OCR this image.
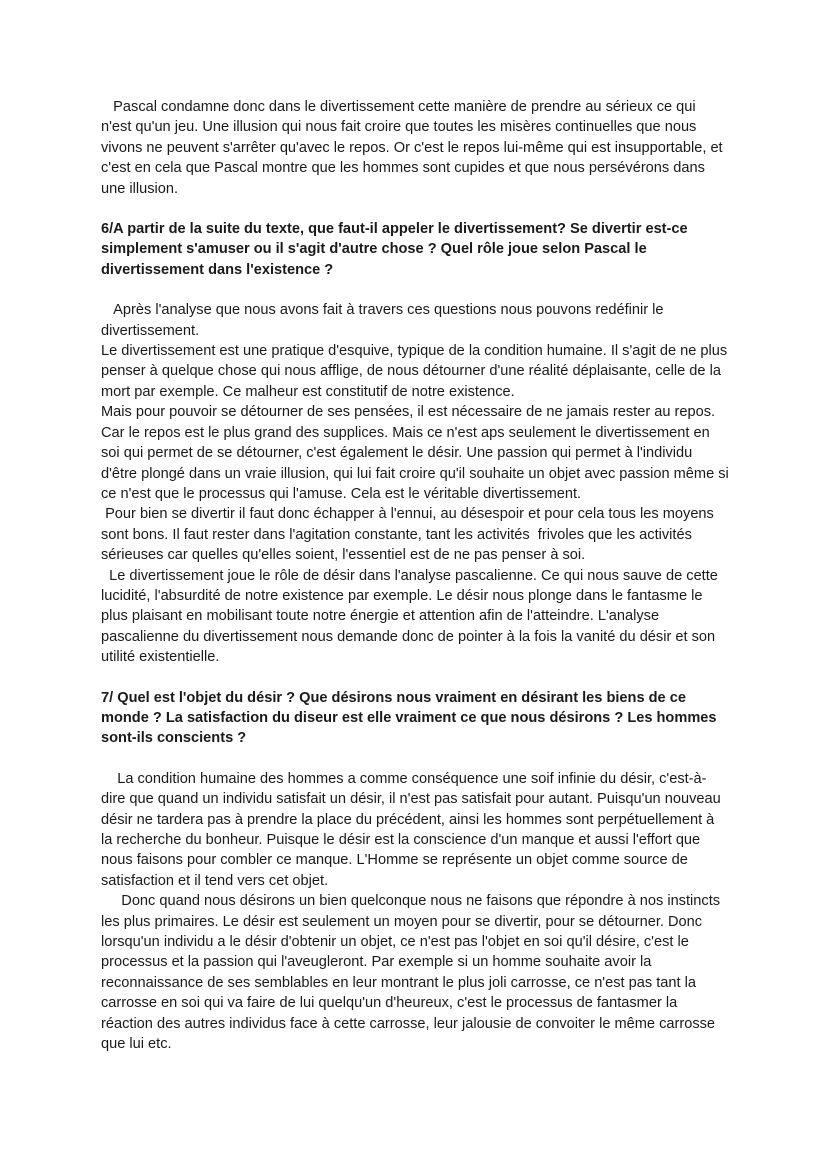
Pascal condamne donc dans le divertissement cette manière de prendre au sérieux ce qui n'est qu'un jeu. Une illusion qui nous fait croire que toutes les misères continuelles que nous vivons ne peuvent s'arrêter qu'avec le repos. Or c'est le repos lui-même qui est insupportable, et c'est en cela que Pascal montre que les hommes sont cupides et que nous persévérons dans une illusion.

6/A partir de la suite du texte, que faut-il appeler le divertissement? Se divertir est-ce simplement s'amuser ou il s'agit d'autre chose ? Quel rôle joue selon Pascal le divertissement dans l'existence ?

Après l'analyse que nous avons fait à travers ces questions nous pouvons redéfinir le divertissement.

Le divertissement est une pratique d'esquive, typique de la condition humaine. Il s'agit de ne plus penser à quelque chose qui nous afflige, de nous détourner d'une réalité déplaisante, celle de la mort par exemple. Ce malheur est constitutif de notre existence.

Mais pour pouvoir se détourner de ses pensées, il est nécessaire de ne jamais rester au repos. Car le repos est le plus grand des supplices. Mais ce n'est aps seulement le divertissement en soi qui permet de se détourner, c'est également le désir. Une passion qui permet à l'individu d'être plongé dans un vraie illusion, qui lui fait croire qu'il souhaite un objet avec passion même si ce n'est que le processus qui l'amuse. Cela est le véritable divertissement.

Pour bien se divertir il faut donc échapper à l'ennui, au désespoir et pour cela tous les moyens sont bons. Il faut rester dans l'agitation constante, tant les activités  frivoles que les activités sérieuses car quelles qu'elles soient, l'essentiel est de ne pas penser à soi.

Le divertissement joue le rôle de désir dans l'analyse pascalienne. Ce qui nous sauve de cette lucidité, l'absurdité de notre existence par exemple. Le désir nous plonge dans le fantasme le plus plaisant en mobilisant toute notre énergie et attention afin de l'atteindre. L'analyse pascalienne du divertissement nous demande donc de pointer à la fois la vanité du désir et son utilité existentielle.

7/ Quel est l'objet du désir ? Que désirons nous vraiment en désirant les biens de ce monde ? La satisfaction du diseur est elle vraiment ce que nous désirons ? Les hommes sont-ils conscients ?

La condition humaine des hommes a comme conséquence une soif infinie du désir, c'est-à-dire que quand un individu satisfait un désir, il n'est pas satisfait pour autant. Puisqu'un nouveau désir ne tardera pas à prendre la place du précédent, ainsi les hommes sont perpétuellement à la recherche du bonheur. Puisque le désir est la conscience d'un manque et aussi l'effort que nous faisons pour combler ce manque. L'Homme se représente un objet comme source de satisfaction et il tend vers cet objet.

Donc quand nous désirons un bien quelconque nous ne faisons que répondre à nos instincts les plus primaires. Le désir est seulement un moyen pour se divertir, pour se détourner. Donc lorsqu'un individu a le désir d'obtenir un objet, ce n'est pas l'objet en soi qu'il désire, c'est le processus et la passion qui l'aveugleront. Par exemple si un homme souhaite avoir la reconnaissance de ses semblables en leur montrant le plus joli carrosse, ce n'est pas tant la carrosse en soi qui va faire de lui quelqu'un d'heureux, c'est le processus de fantasmer la réaction des autres individus face à cette carrosse, leur jalousie de convoiter le même carrosse que lui etc.
